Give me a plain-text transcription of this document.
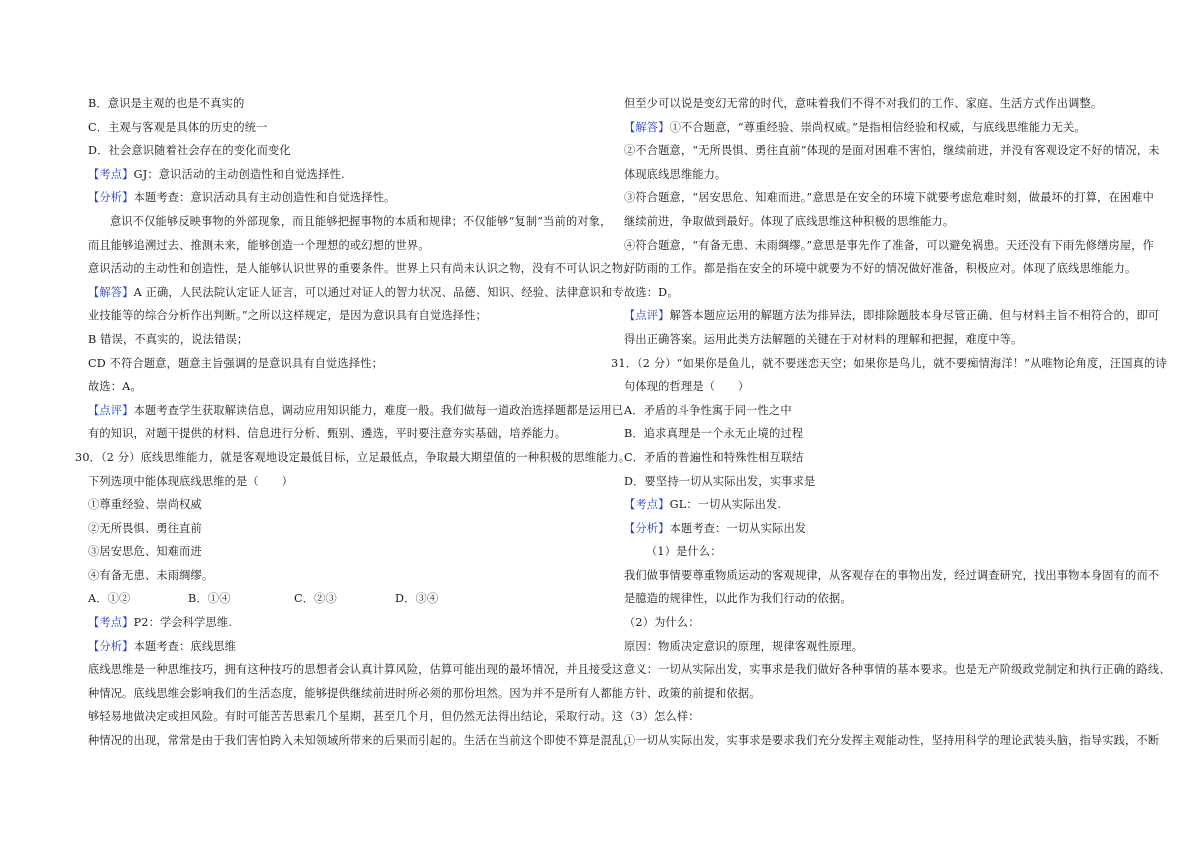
B．意识是主观的也是不真实的
C．主观与客观是具体的历史的统一
D．社会意识随着社会存在的变化而变化
【考点】GJ：意识活动的主动创造性和自觉选择性.
【分析】本题考查：意识活动具有主动创造性和自觉选择性。
意识不仅能够反映事物的外部现象，而且能够把握事物的本质和规律；不仅能够“复制”当前的对象，
而且能够追溯过去、推测未来，能够创造一个理想的或幻想的世界。
意识活动的主动性和创造性，是人能够认识世界的重要条件。世界上只有尚未认识之物，没有不可认识之物。
【解答】A 正确，人民法院认定证人证言，可以通过对证人的智力状况、品德、知识、经验、法律意识和专
业技能等的综合分析作出判断。”之所以这样规定，是因为意识具有自觉选择性；
B 错误，不真实的，说法错误；
CD 不符合题意，题意主旨强调的是意识具有自觉选择性；
故选：A。
【点评】本题考查学生获取解读信息，调动应用知识能力，难度一般。我们做每一道政治选择题都是运用已
有的知识，对题干提供的材料、信息进行分析、甄别、遴选，平时要注意夯实基础，培养能力。
30．（2 分）底线思维能力，就是客观地设定最低目标，立足最低点，争取最大期望值的一种积极的思维能力。
下列选项中能体现底线思维的是（　　）
①尊重经验、崇尚权威
②无所畏惧、勇往直前
③居安思危、知难而进
④有备无患、未雨绸缪。
A．①②	B．①④	C．②③	D．③④
【考点】P2：学会科学思维.
【分析】本题考查：底线思维
底线思维是一种思维技巧，拥有这种技巧的思想者会认真计算风险，估算可能出现的最坏情况，并且接受这
种情况。底线思维会影响我们的生活态度，能够提供继续前进时所必须的那份坦然。因为并不是所有人都能
够轻易地做决定或担风险。有时可能苦苦思索几个星期，甚至几个月，但仍然无法得出结论，采取行动。这
种情况的出现，常常是由于我们害怕跨入未知领域所带来的后果而引起的。生活在当前这个即使不算是混乱，
但至少可以说是变幻无常的时代，意味着我们不得不对我们的工作、家庭、生活方式作出调整。
【解答】①不合题意，“尊重经验、崇尚权威。”是指相信经验和权威，与底线思维能力无关。
②不合题意，“无所畏惧、勇往直前”体现的是面对困难不害怕，继续前进，并没有客观设定不好的情况，未
体现底线思维能力。
③符合题意，“居安思危、知难而进。”意思是在安全的环境下就要考虑危难时刻，做最坏的打算，在困难中
继续前进，争取做到最好。体现了底线思维这种积极的思维能力。
④符合题意，“有备无患、未雨绸缪。”意思是事先作了准备，可以避免祸患。天还没有下雨先修缮房屋，作
好防雨的工作。都是指在安全的环境中就要为不好的情况做好准备，积极应对。体现了底线思维能力。
故选：D。
【点评】解答本题应运用的解题方法为排异法，即排除题肢本身尽管正确、但与材料主旨不相符合的，即可
得出正确答案。运用此类方法解题的关键在于对材料的理解和把握，难度中等。
31．（2 分）“如果你是鱼儿，就不要迷恋天空；如果你是鸟儿，就不要痴情海洋！”从唯物论角度，汪国真的诗
句体现的哲理是（　　）
A．矛盾的斗争性寓于同一性之中
B．追求真理是一个永无止境的过程
C．矛盾的普遍性和特殊性相互联结
D．要坚持一切从实际出发，实事求是
【考点】GL：一切从实际出发.
【分析】本题考查：一切从实际出发
（1）是什么：
我们做事情要尊重物质运动的客观规律，从客观存在的事物出发，经过调查研究，找出事物本身固有的而不
是臆造的规律性，以此作为我们行动的依据。
（2）为什么：
原因：物质决定意识的原理，规律客观性原理。
意义：一切从实际出发，实事求是我们做好各种事情的基本要求。也是无产阶级政党制定和执行正确的路线、
方针、政策的前提和依据。
（3）怎么样：
①一切从实际出发，实事求是要求我们充分发挥主观能动性，坚持用科学的理论武装头脑，指导实践，不断
